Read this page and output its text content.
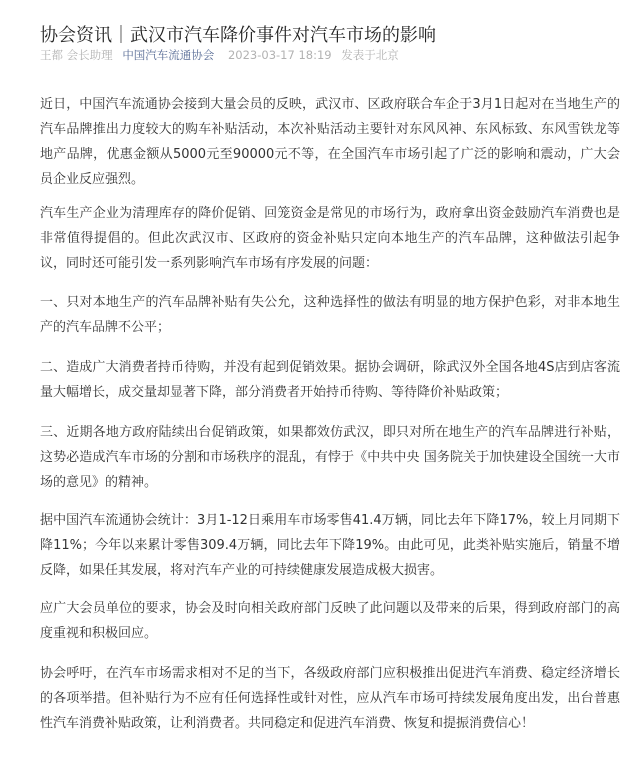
协会资讯｜武汉市汽车降价事件对汽车市场的影响
王都 会长助理 中国汽车流通协会 2023-03-17 18:19 发表于北京

近日，中国汽车流通协会接到大量会员的反映，武汉市、区政府联合车企于3月1日起对在当地生产的汽车品牌推出力度较大的购车补贴活动，本次补贴活动主要针对东风风神、东风标致、东风雪铁龙等地产品牌，优惠金额从5000元至90000元不等，在全国汽车市场引起了广泛的影响和震动，广大会员企业反应强烈。

汽车生产企业为清理库存的降价促销、回笼资金是常见的市场行为，政府拿出资金鼓励汽车消费也是非常值得提倡的。但此次武汉市、区政府的资金补贴只定向本地生产的汽车品牌，这种做法引起争议，同时还可能引发一系列影响汽车市场有序发展的问题：

一、只对本地生产的汽车品牌补贴有失公允，这种选择性的做法有明显的地方保护色彩，对非本地生产的汽车品牌不公平；

二、造成广大消费者持币待购，并没有起到促销效果。据协会调研，除武汉外全国各地4S店到店客流量大幅增长，成交量却显著下降，部分消费者开始持币待购、等待降价补贴政策；

三、近期各地方政府陆续出台促销政策，如果都效仿武汉，即只对所在地生产的汽车品牌进行补贴，这势必造成汽车市场的分割和市场秩序的混乱，有悖于《中共中央 国务院关于加快建设全国统一大市场的意见》的精神。

据中国汽车流通协会统计：3月1-12日乘用车市场零售41.4万辆，同比去年下降17%，较上月同期下降11%；今年以来累计零售309.4万辆，同比去年下降19%。由此可见，此类补贴实施后，销量不增反降，如果任其发展，将对汽车产业的可持续健康发展造成极大损害。

应广大会员单位的要求，协会及时向相关政府部门反映了此问题以及带来的后果，得到政府部门的高度重视和积极回应。

协会呼吁，在汽车市场需求相对不足的当下，各级政府部门应积极推出促进汽车消费、稳定经济增长的各项举措。但补贴行为不应有任何选择性或针对性，应从汽车市场可持续发展角度出发，出台普惠性汽车消费补贴政策，让利消费者。共同稳定和促进汽车消费、恢复和提振消费信心！
